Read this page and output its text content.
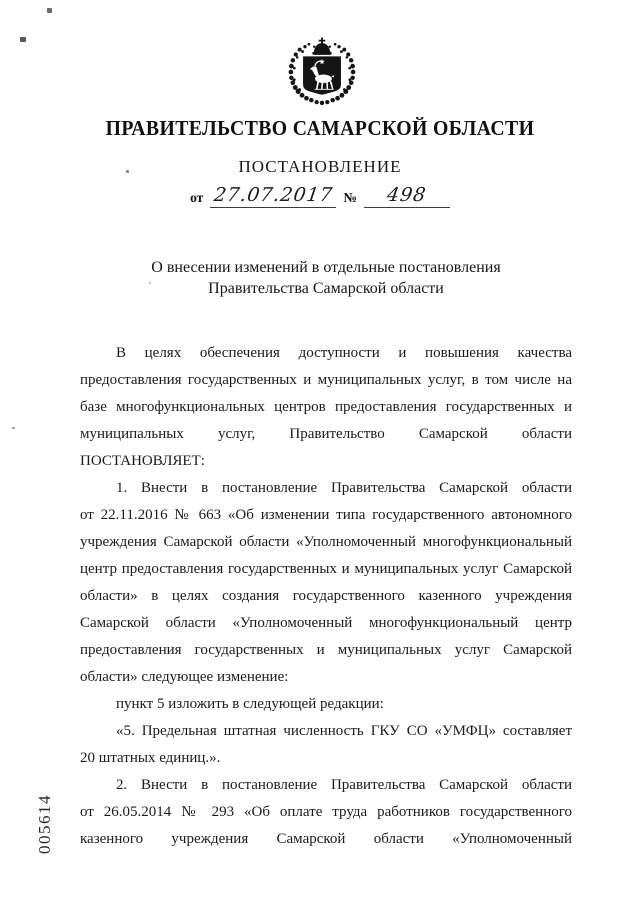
ПРАВИТЕЛЬСТВО САМАРСКОЙ ОБЛАСТИ
ПОСТАНОВЛЕНИЕ
от 27.07.2017 № 498
О внесении изменений в отдельные постановления
Правительства Самарской области
В целях обеспечения доступности и повышения качества
предоставления государственных и муниципальных услуг, в том числе на
базе многофункциональных центров предоставления государственных и
муниципальных услуг, Правительство Самарской области
ПОСТАНОВЛЯЕТ:
1. Внести в постановление Правительства Самарской области
от 22.11.2016 № 663 «Об изменении типа государственного автономного
учреждения Самарской области «Уполномоченный многофункциональный
центр предоставления государственных и муниципальных услуг Самарской
области» в целях создания государственного казенного учреждения
Самарской области «Уполномоченный многофункциональный центр
предоставления государственных и муниципальных услуг Самарской
области» следующее изменение:
пункт 5 изложить в следующей редакции:
«5. Предельная штатная численность ГКУ СО «УМФЦ» составляет
20 штатных единиц.».
2. Внести в постановление Правительства Самарской области
от 26.05.2014 № 293 «Об оплате труда работников государственного
казенного учреждения Самарской области «Уполномоченный
005614
